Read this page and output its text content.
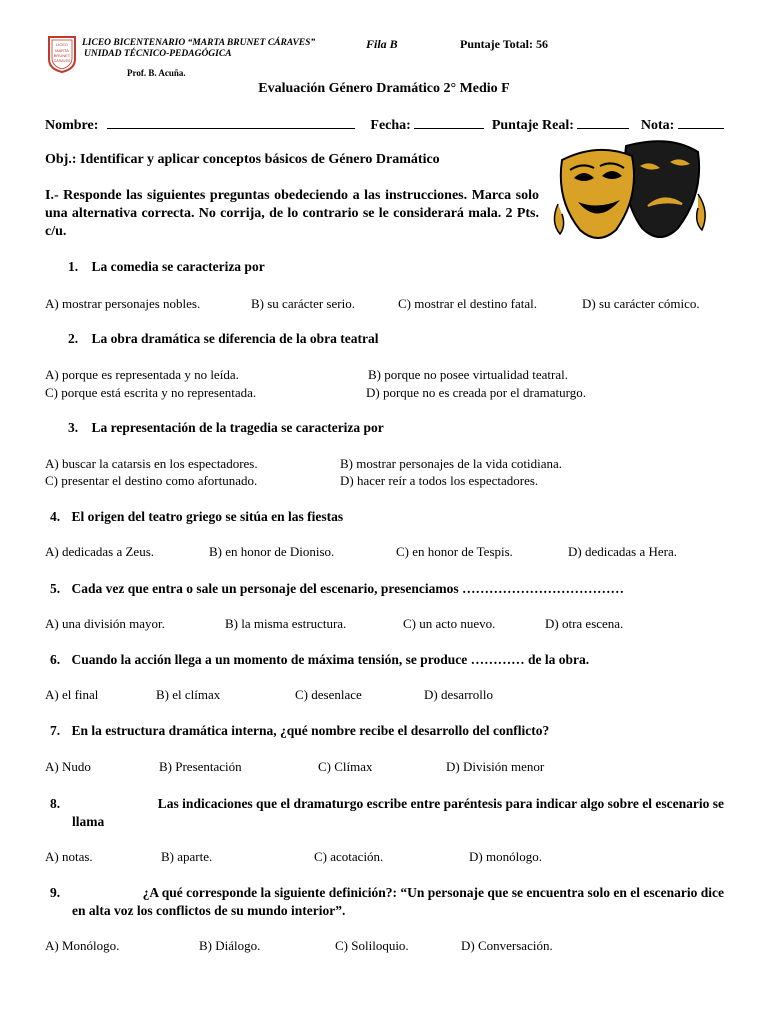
LICEO
MARTA
BRUNET
CÁRAVES
LICEO BICENTENARIO “MARTA BRUNET CÁRAVES”
UNIDAD TÉCNICO-PEDAGÓGICA
Prof. B. Acuña.
Fila B	Puntaje Total: 56
Evaluación Género Dramático 2° Medio F
Nombre:	Fecha:	Puntaje Real:	Nota:
Obj.: Identificar y aplicar conceptos básicos de Género Dramático
I.- Responde las siguientes preguntas obedeciendo a las instrucciones. Marca solo una alternativa correcta. No corrija, de lo contrario se le considerará mala. 2 Pts. c/u.
1. La comedia se caracteriza por
A) mostrar personajes nobles.	B) su carácter serio.	C) mostrar el destino fatal.	D) su carácter cómico.
2. La obra dramática se diferencia de la obra teatral
A) porque es representada y no leída.	B) porque no posee virtualidad teatral.
C) porque está escrita y no representada.	D) porque no es creada por el dramaturgo.
3. La representación de la tragedia se caracteriza por
A) buscar la catarsis en los espectadores.	B) mostrar personajes de la vida cotidiana.
C) presentar el destino como afortunado.	D) hacer reír a todos los espectadores.
4. El origen del teatro griego se sitúa en las fiestas
A) dedicadas a Zeus.	B) en honor de Dioniso.	C) en honor de Tespis.	D) dedicadas a Hera.
5. Cada vez que entra o sale un personaje del escenario, presenciamos ………………………………
A) una división mayor.	B) la misma estructura.	C) un acto nuevo.	D) otra escena.
6. Cuando la acción llega a un momento de máxima tensión, se produce ………… de la obra.
A) el final	B) el clímax	C) desenlace	D) desarrollo
7. En la estructura dramática interna, ¿qué nombre recibe el desarrollo del conflicto?
A) Nudo	B) Presentación	C) Clímax	D) División menor
8.	Las indicaciones que el dramaturgo escribe entre paréntesis para indicar algo sobre el escenario se
llama
A) notas.	B) aparte.	C) acotación.	D) monólogo.
9.	¿A qué corresponde la siguiente definición?: “Un personaje que se encuentra solo en el escenario dice
en alta voz los conflictos de su mundo interior”.
A) Monólogo.	B) Diálogo.	C) Soliloquio.	D) Conversación.
